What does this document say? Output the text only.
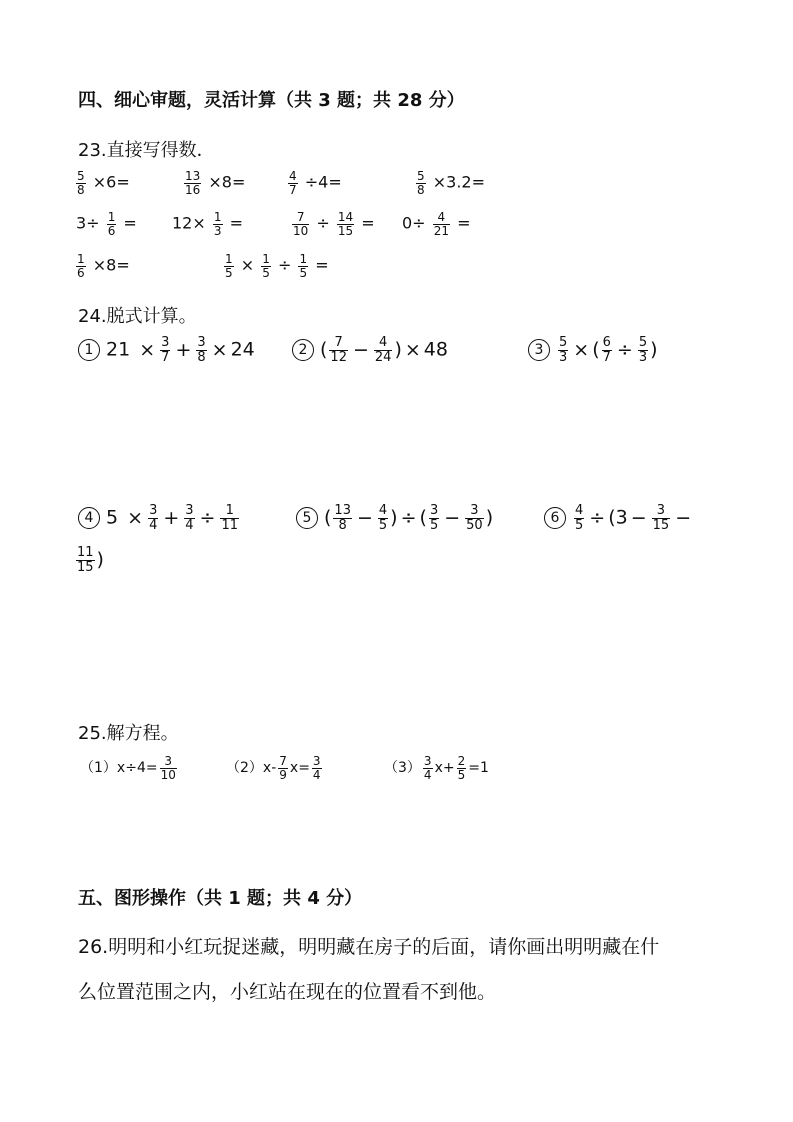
四、细心审题，灵活计算（共 3 题；共 28 分）
23.直接写得数．
$\frac{5}{8} \times 6=$	$\frac{13}{16} \times 8=$	$\frac{4}{7} \div 4=$	$\frac{5}{8} \times 3.2=$
$3\div \frac{1}{6} = 12\times \frac{1}{3}$ =	$\frac{7}{10} \div \frac{14}{15} = 0\div \frac{4}{21}$ =
$\frac{1}{6} \times 8=$	$\frac{1}{5} \times \frac{1}{5} \div \frac{1}{5}$ =
24.脱式计算。
1 $21 \times \frac{3}{7} + \frac{3}{8} \times 24$	2 ( $\frac{7}{12} - \frac{4}{24}$ ) × 48	$3 \frac{5}{3}$ × ( $\frac{6}{7} \div \frac{5}{3}$ )
4 $5 \times \frac{3}{4} + \frac{3}{4} \div \frac{1}{11}$	5 ( $\frac{13}{8} - \frac{4}{5}$ ) ÷ ( $\frac{3}{5} - \frac{3}{50}$ )	$6 \frac{4}{5} \div (3 - \frac{3}{15}$ −
$\frac{11}{15}$ )
25.解方程。
$(1)x\div 4= \frac{3}{10}$	$(2)x- \frac{7}{9} x= \frac{3}{4}$	$(3) \frac{3}{4} x+ \frac{2}{5} =1$
五、图形操作（共 1 题；共 4 分）
26.明明和小红玩捉迷藏，明明藏在房子的后面，请你画出明明藏在什
么位置范围之内，小红站在现在的位置看不到他。
